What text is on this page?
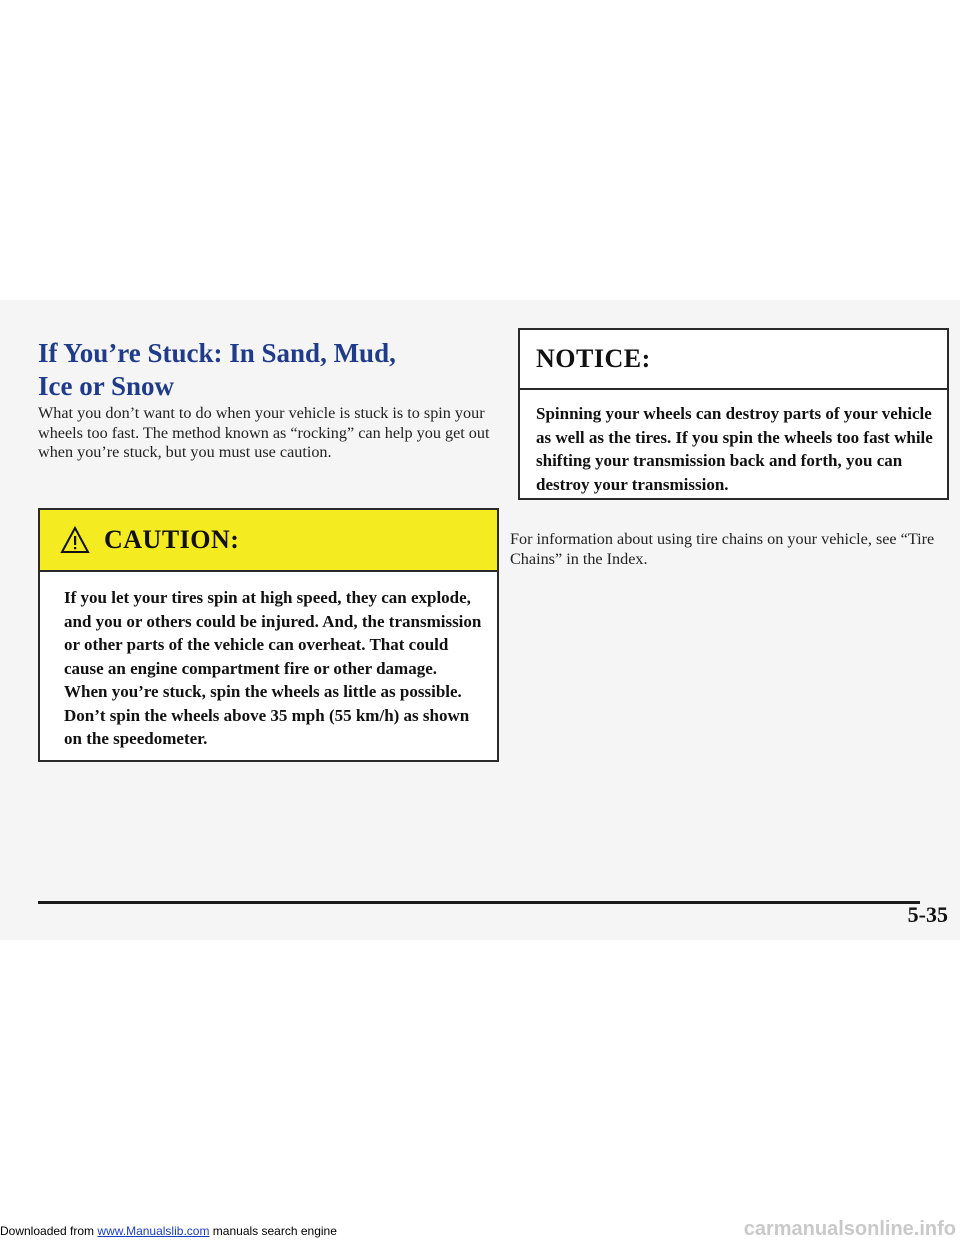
If You’re Stuck: In Sand, Mud,
Ice or Snow

What you don’t want to do when your vehicle is stuck is to spin your wheels too fast. The method known as “rocking” can help you get out when you’re stuck, but you must use caution.

CAUTION:

If you let your tires spin at high speed, they can explode, and you or others could be injured. And, the transmission or other parts of the vehicle can overheat. That could cause an engine compartment fire or other damage. When you’re stuck, spin the wheels as little as possible. Don’t spin the wheels above 35 mph (55 km/h) as shown on the speedometer.

NOTICE:

Spinning your wheels can destroy parts of your vehicle as well as the tires. If you spin the wheels too fast while shifting your transmission back and forth, you can destroy your transmission.

For information about using tire chains on your vehicle, see “Tire Chains” in the Index.

5-35
Downloaded from www.Manualslib.com manuals search engine	carmanualsonline.info
